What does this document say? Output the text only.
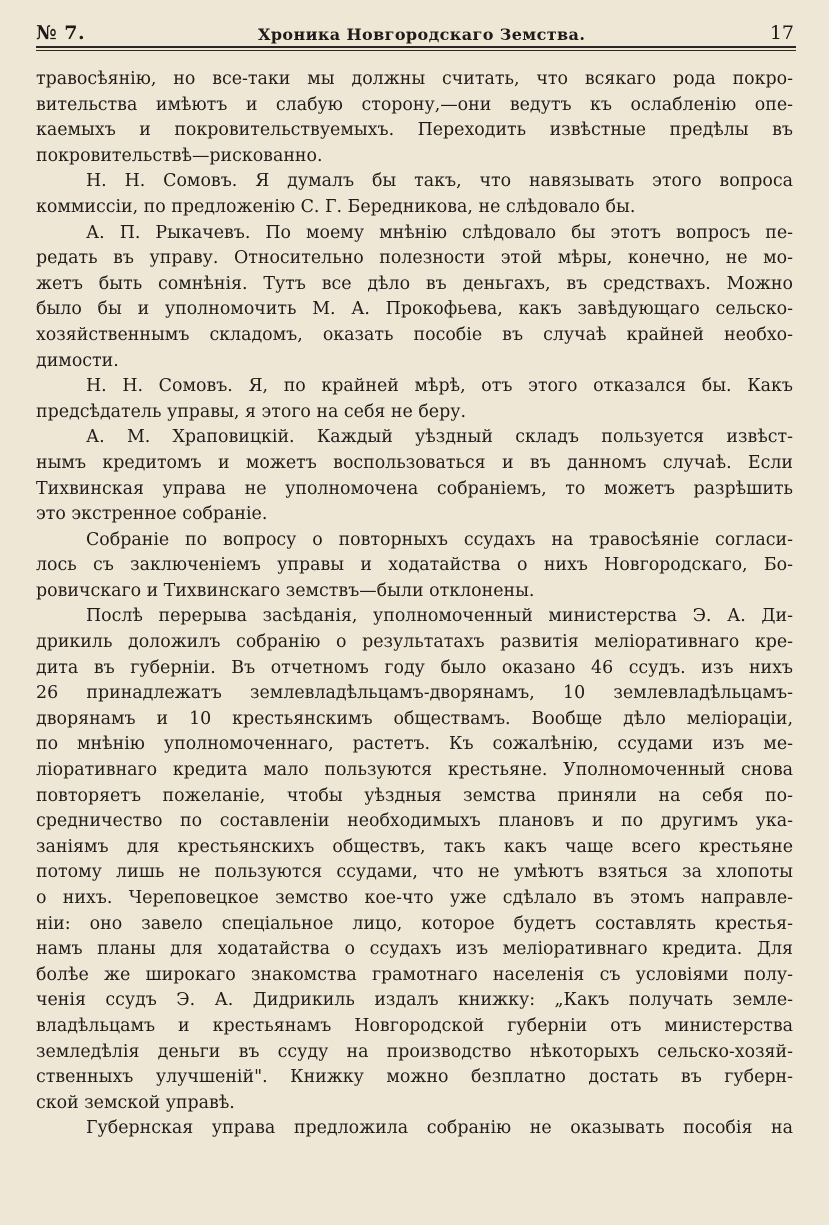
№ 7.	Хроника Новгородскаго Земства.	17
травосѣянію, но все-таки мы должны считать, что всякаго рода покро-
вительства имѣютъ и слабую сторону,—они ведутъ къ ослабленію опе-
каемыхъ и покровительствуемыхъ. Переходить извѣстные предѣлы въ
покровительствѣ—рискованно.
Н. Н. Сомовъ. Я думалъ бы такъ, что навязывать этого вопроса
коммиссіи, по предложенію С. Г. Бередникова, не слѣдовало бы.
А. П. Рыкачевъ. По моему мнѣнію слѣдовало бы этотъ вопросъ пе-
редать въ управу. Относительно полезности этой мѣры, конечно, не мо-
жетъ быть сомнѣнія. Тутъ все дѣло въ деньгахъ, въ средствахъ. Можно
было бы и уполномочить М. А. Прокофьева, какъ завѣдующаго сельско-
хозяйственнымъ складомъ, оказать пособіе въ случаѣ крайней необхо-
димости.
Н. Н. Сомовъ. Я, по крайней мѣрѣ, отъ этого отказался бы. Какъ
предсѣдатель управы, я этого на себя не беру.
А. М. Храповицкій. Каждый уѣздный складъ пользуется извѣст-
нымъ кредитомъ и можетъ воспользоваться и въ данномъ случаѣ. Если
Тихвинская управа не уполномочена собраніемъ, то можетъ разрѣшить
это экстренное собраніе.
Собраніе по вопросу о повторныхъ ссудахъ на травосѣяніе согласи-
лось съ заключеніемъ управы и ходатайства о нихъ Новгородскаго, Бо-
ровичскаго и Тихвинскаго земствъ—были отклонены.
Послѣ перерыва засѣданія, уполномоченный министерства Э. А. Ди-
дрикиль доложилъ собранію о результатахъ развитія меліоративнаго кре-
дита въ губерніи. Въ отчетномъ году было оказано 46 ссудъ. изъ нихъ
26 принадлежатъ землевладѣльцамъ-дворянамъ, 10 землевладѣльцамъ-
дворянамъ и 10 крестьянскимъ обществамъ. Вообще дѣло мелioраціи,
по мнѣнію уполномоченнаго, растетъ. Къ сожалѣнію, ссудами изъ ме-
ліоративнаго кредита мало пользуются крестьяне. Уполномоченный снова
повторяетъ пожеланіе, чтобы уѣздныя земства приняли на себя по-
средничество по составленіи необходимыхъ плановъ и по другимъ ука-
заніямъ для крестьянскихъ обществъ, такъ какъ чаще всего крестьяне
потому лишь не пользуются ссудами, что не умѣютъ взяться за хлопоты
о нихъ. Череповецкое земство кое-что уже сдѣлало въ этомъ направле-
ніи: оно завело спеціальное лицо, которое будетъ составлять крестья-
намъ планы для ходатайства о ссудахъ изъ меліоративнаго кредита. Для
болѣе же широкаго знакомства грамотнаго населенія съ условіями полу-
ченія ссудъ Э. А. Дидрикиль издалъ книжку: „Какъ получать земле-
владѣльцамъ и крестьянамъ Новгородской губерніи отъ министерства
земледѣлія деньги въ ссуду на производство нѣкоторыхъ сельско-хозяй-
ственныхъ улучшеній". Книжку можно безплатно достать въ губерн-
ской земской управѣ.
Губернская управа предложила собранію не оказывать пособія на
